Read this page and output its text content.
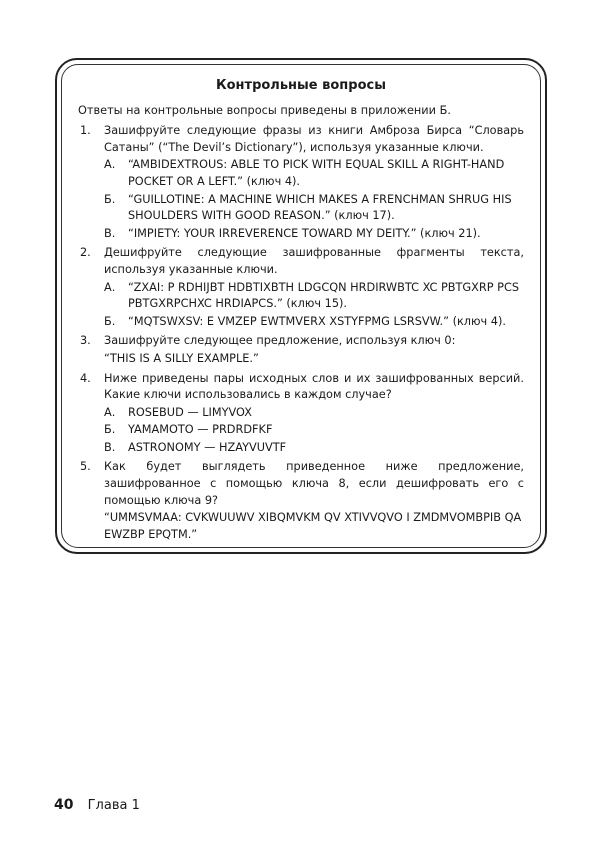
Контрольные вопросы
Ответы на контрольные вопросы приведены в приложении Б.
1. Зашифруйте следующие фразы из книги Амброза Бирса “Словарь Сатаны” (“The Devil’s Dictionary”), используя указанные ключи.
А. “AMBIDEXTROUS: ABLE TO PICK WITH EQUAL SKILL A RIGHT-HAND POCKET OR A LEFT.” (ключ 4).
Б. “GUILLOTINE: A MACHINE WHICH MAKES A FRENCHMAN SHRUG HIS SHOULDERS WITH GOOD REASON.” (ключ 17).
В. “IMPIETY: YOUR IRREVERENCE TOWARD MY DEITY.” (ключ 21).
2. Дешифруйте следующие зашифрованные фрагменты текста, используя указанные ключи.
А. “ZXAI: P RDHIJBT HDBTIXBTH LDGCQN HRDIRWBTC XC PBTGXRP PCS PBTGXRPCHXC HRDIAPCS.” (ключ 15).
Б. “MQTSWXSV: E VMZEP EWTMVERX XSTYFPMG LSRSVW.” (ключ 4).
3. Зашифруйте следующее предложение, используя ключ 0:
“THIS IS A SILLY EXAMPLE.”
4. Ниже приведены пары исходных слов и их зашифрованных версий. Какие ключи использовались в каждом случае?
А. ROSEBUD — LIMYVOX
Б. YAMAMOTO — PRDRDFKF
В. ASTRONOMY — HZAYVUVTF
5. Как будет выглядеть приведенное ниже предложение, зашифрованное с помощью ключа 8, если дешифровать его с помощью ключа 9?
“UMMSVMAA: CVKWUUWV XIBQMVKM QV XTIVVQVO I ZMDMVOMBPIB QA EWZBP EPQTM.”
40 Глава 1
